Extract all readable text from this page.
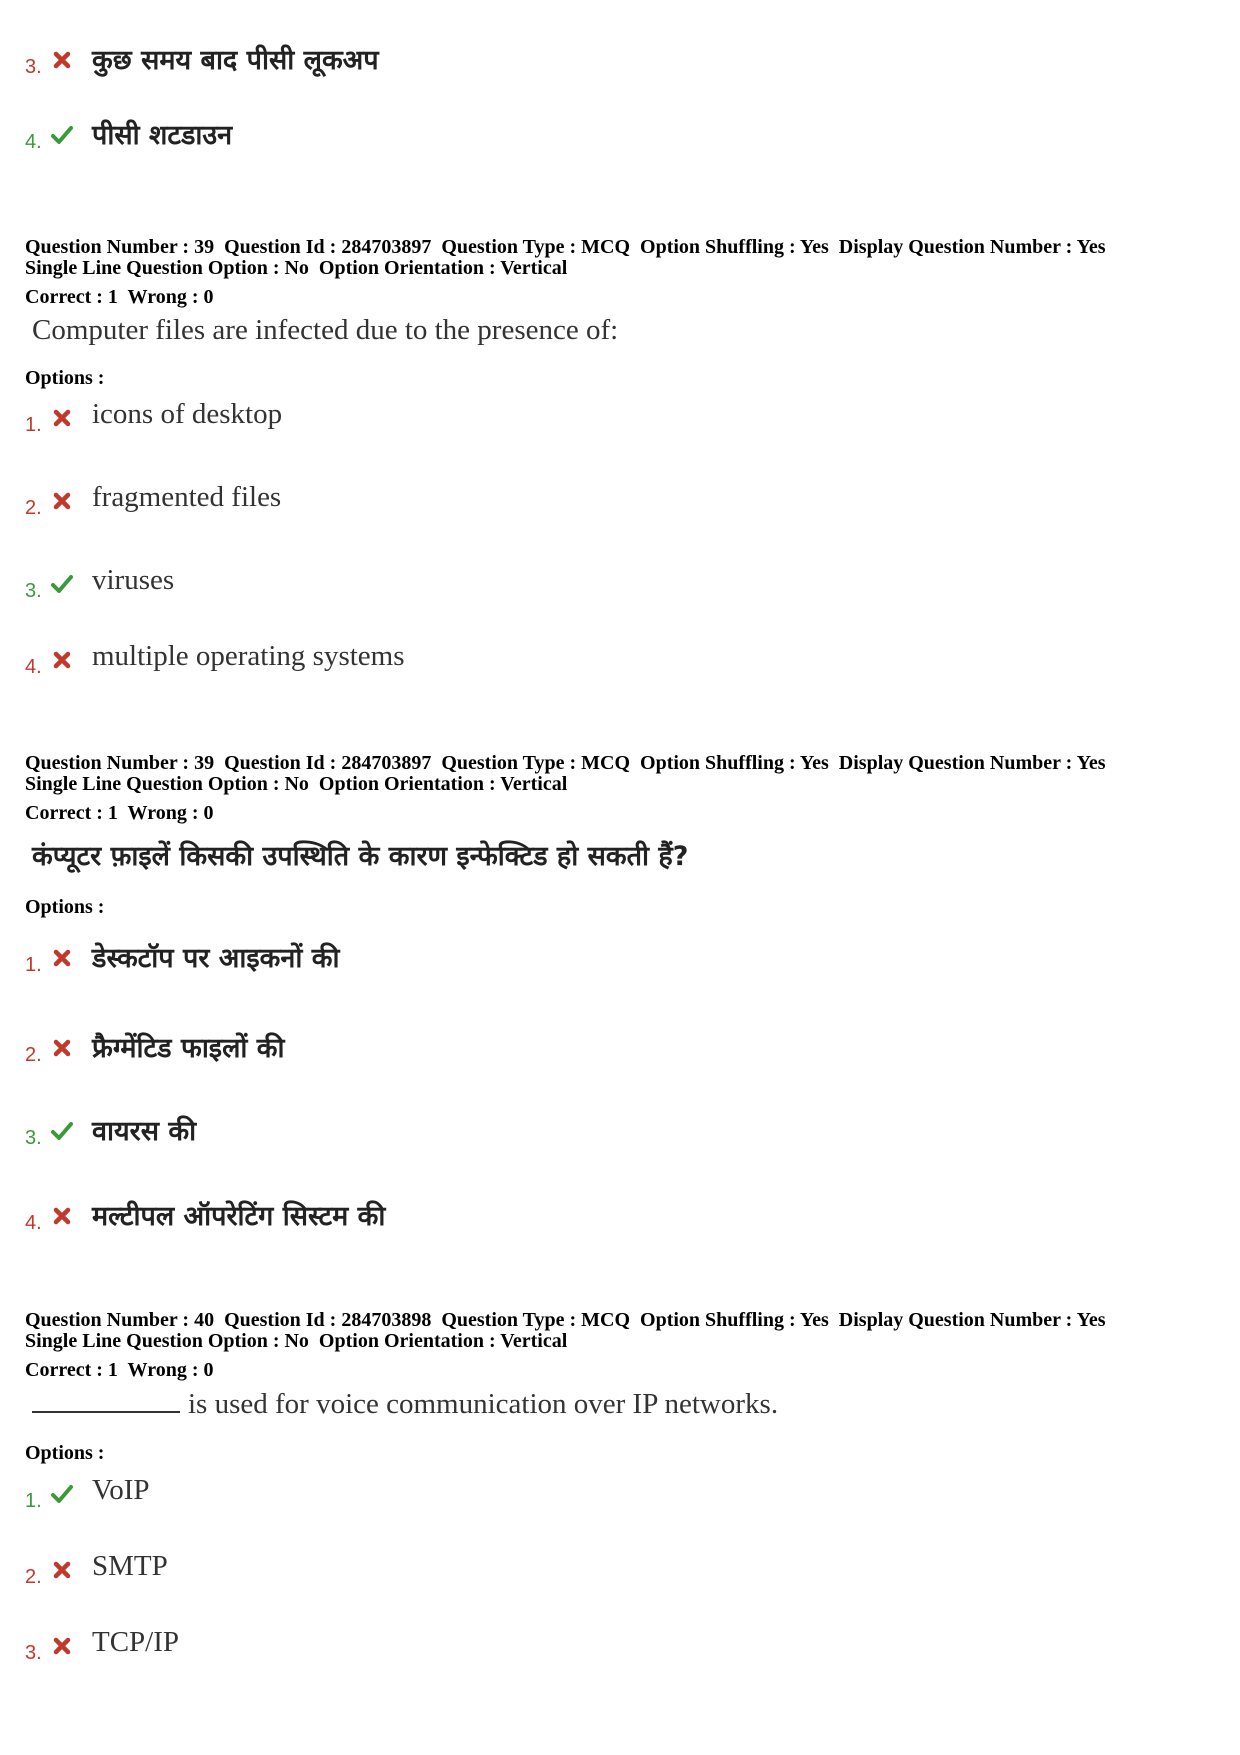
3. कुछ समय बाद पीसी लूकअप
4. पीसी शटडाउन
Question Number : 39  Question Id : 284703897  Question Type : MCQ  Option Shuffling : Yes  Display Question Number : Yes
Single Line Question Option : No  Option Orientation : Vertical
Correct : 1  Wrong : 0
Computer files are infected due to the presence of:
Options :
1. icons of desktop
2. fragmented files
3. viruses
4. multiple operating systems
Question Number : 39  Question Id : 284703897  Question Type : MCQ  Option Shuffling : Yes  Display Question Number : Yes
Single Line Question Option : No  Option Orientation : Vertical
Correct : 1  Wrong : 0
कंप्यूटर फ़ाइलें किसकी उपस्थिति के कारण इन्फेक्टिड हो सकती हैं?
Options :
1. डेस्कटॉप पर आइकनों की
2. फ्रैग्मेंटिड फाइलों की
3. वायरस की
4. मल्टीपल ऑपरेटिंग सिस्टम की
Question Number : 40  Question Id : 284703898  Question Type : MCQ  Option Shuffling : Yes  Display Question Number : Yes
Single Line Question Option : No  Option Orientation : Vertical
Correct : 1  Wrong : 0
is used for voice communication over IP networks.
Options :
1. VoIP
2. SMTP
3. TCP/IP
